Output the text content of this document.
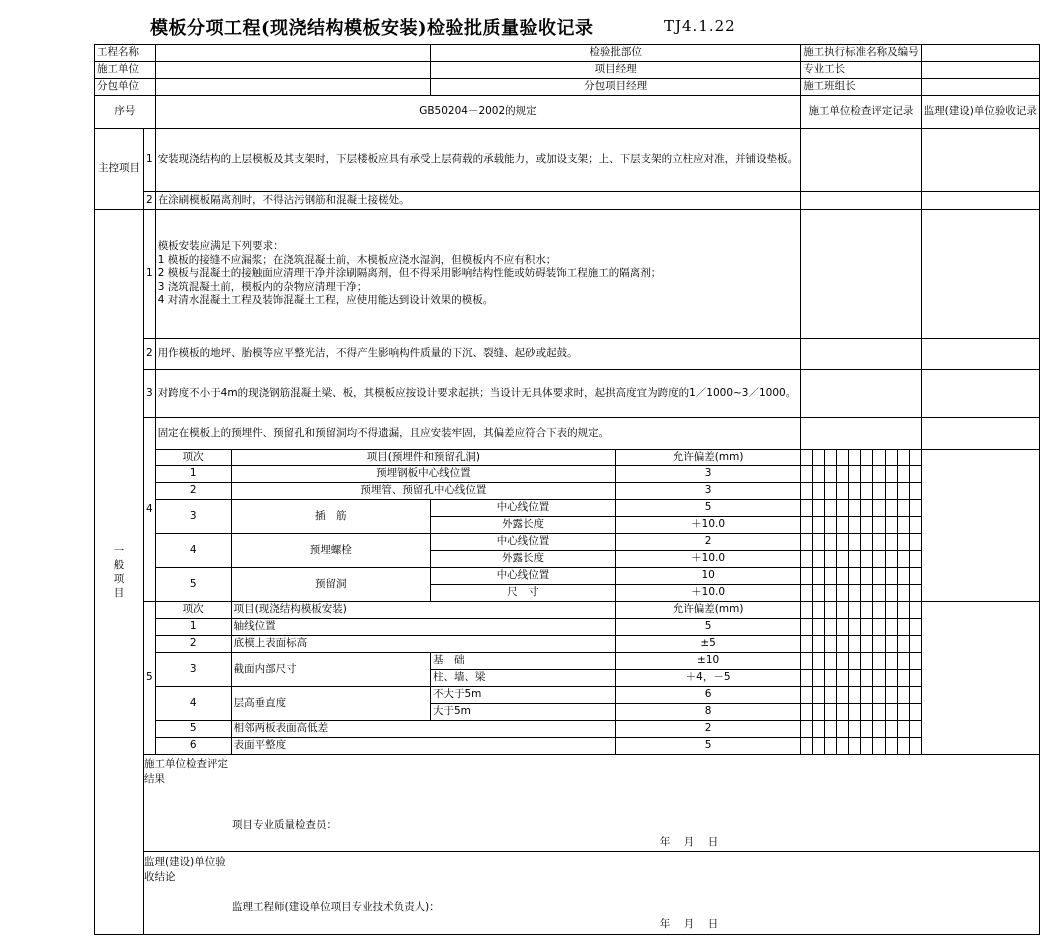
模板分项工程(现浇结构模板安装)检验批质量验收记录	TJ4.1.22
工程名称				检验批部位		施工执行标准名称及编号										
施工单位				项目经理		专业工长										
分包单位				分包项目经理		施工班组长										
序号		GB50204－2002的规定				施工单位检查评定记录										监理(建设)单位验收记录
主控项目	1	安装现浇结构的上层模板及其支架时，下层楼板应具有承受上层荷载的承载能力，或加设支架；上、下层支架的立柱应对准，并铺设垫板。														
	2	在涂刷模板隔离剂时，不得沾污钢筋和混凝土接槎处。														

一
般
项
目	1	模板安装应满足下列要求：
1 模板的接缝不应漏浆；在浇筑混凝土前，木模板应浇水湿润，但模板内不应有积水；
2 模板与混凝土的接触面应清理干净并涂刷隔离剂，但不得采用影响结构性能或妨碍装饰工程施工的隔离剂；
3 浇筑混凝土前，模板内的杂物应清理干净；
4 对清水混凝土工程及装饰混凝土工程，应使用能达到设计效果的模板。														

	2	用作模板的地坪、胎模等应平整光洁，不得产生影响构件质量的下沉、裂缝、起砂或起鼓。														
	3	对跨度不小于4m的现浇钢筋混凝土梁、板，其模板应按设计要求起拱；当设计无具体要求时，起拱高度宜为跨度的1／1000~3／1000。														
	4	固定在模板上的预埋件、预留孔和预留洞均不得遗漏，且应安装牢固，其偏差应符合下表的规定。														
		项次	项目(预埋件和预留孔洞)		允许偏差(mm)											
		1	预埋钢板中心线位置		3											
		2	预埋管、预留孔中心线位置		3											
		3	插　筋	中心线位置	5											
				外露长度	＋10.0											
		4	预埋螺栓	中心线位置	2											
				外露长度	＋10.0											
		5	预留洞	中心线位置	10											
				尺　寸	＋10.0											
	5	项次	项目(现浇结构模板安装)		允许偏差(mm)											
		1	轴线位置		5											
		2	底模上表面标高		±5											
		3	截面内部尺寸	基　础	±10											
				柱、墙、梁	＋4，－5											
		4	层高垂直度	不大于5m	6											
				大于5m	8											
		5	相邻两板表面高低差		2											
		6	表面平整度		5											

	施工单位检查评定结果
项目专业质量检查员：
年 月 日															

	监理(建设)单位验收结论
监理工程师(建设单位项目专业技术负责人)：
年 月 日															
